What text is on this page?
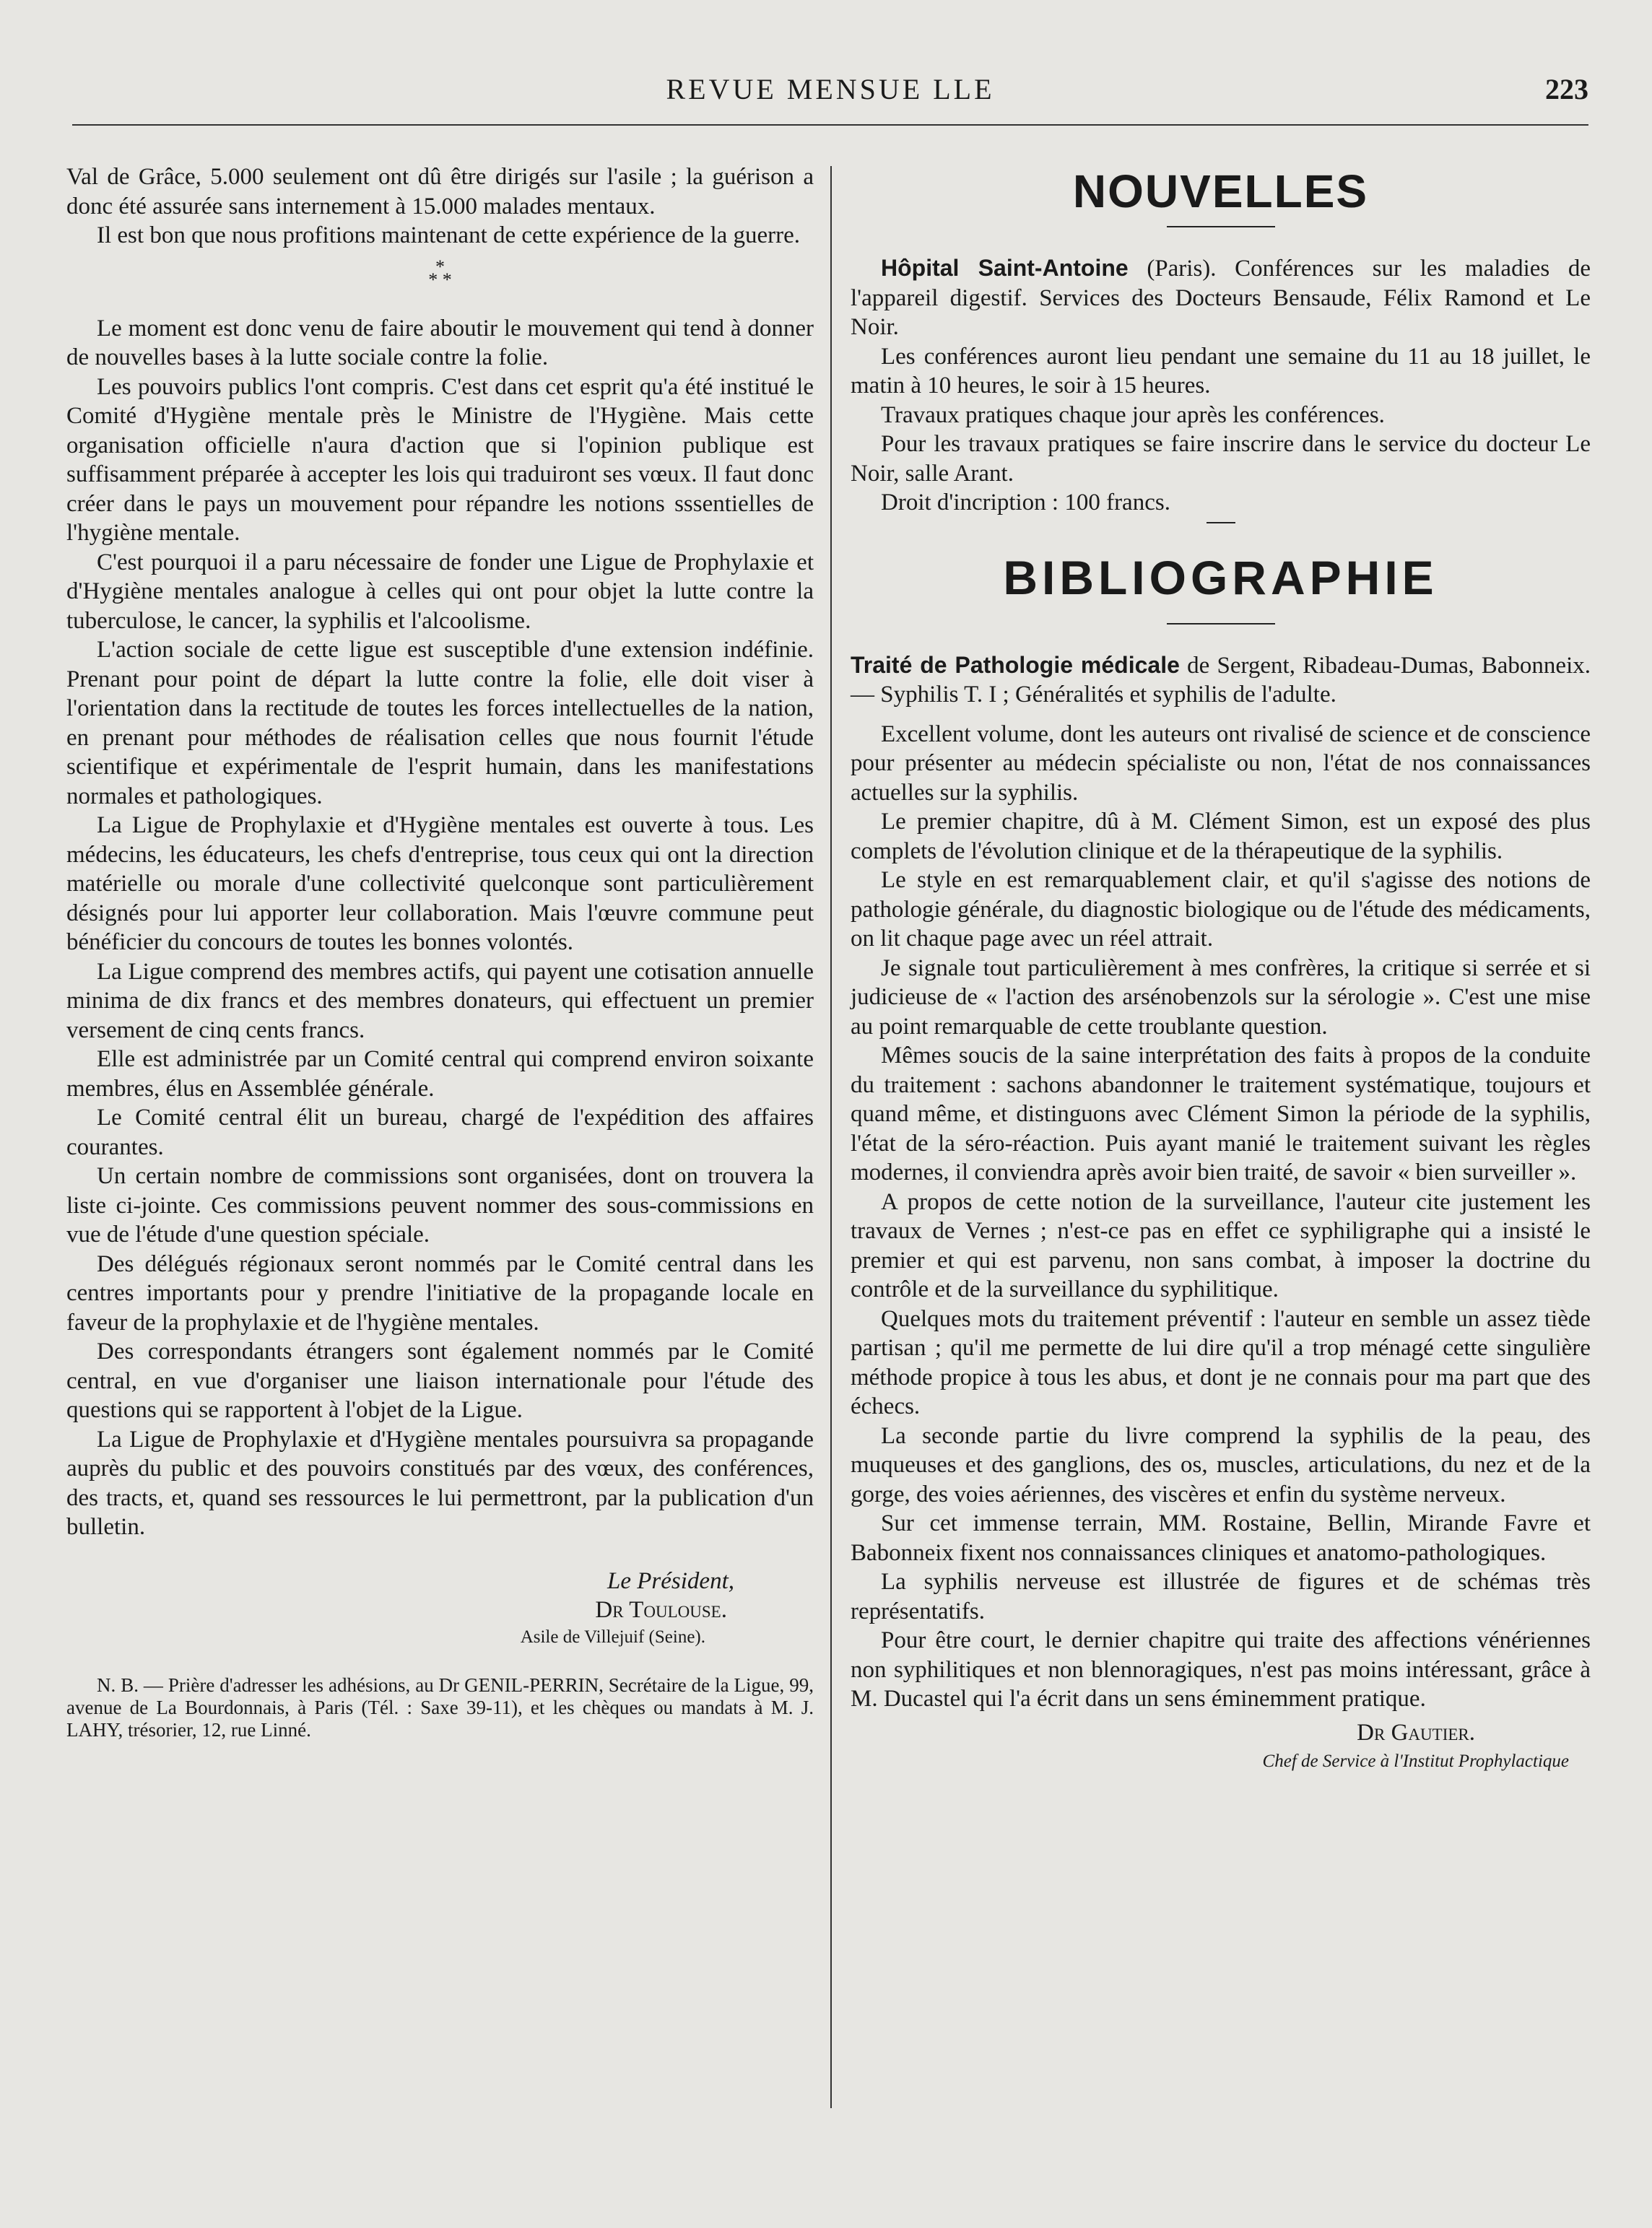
REVUE MENSUE LLE	223

Val de Grâce, 5.000 seulement ont dû être dirigés sur l'asile ; la guérison a donc été assurée sans internement à 15.000 malades mentaux.

Il est bon que nous profitions maintenant de cette expérience de la guerre.

*
* *

Le moment est donc venu de faire aboutir le mouvement qui tend à donner de nouvelles bases à la lutte sociale contre la folie.

Les pouvoirs publics l'ont compris. C'est dans cet esprit qu'a été institué le Comité d'Hygiène mentale près le Ministre de l'Hygiène. Mais cette organisation officielle n'aura d'action que si l'opinion publique est suffisamment préparée à accepter les lois qui traduiront ses vœux. Il faut donc créer dans le pays un mouvement pour répandre les notions sssentielles de l'hygiène mentale.

C'est pourquoi il a paru nécessaire de fonder une Ligue de Prophylaxie et d'Hygiène mentales analogue à celles qui ont pour objet la lutte contre la tuberculose, le cancer, la syphilis et l'alcoolisme.

L'action sociale de cette ligue est susceptible d'une extension indéfinie. Prenant pour point de départ la lutte contre la folie, elle doit viser à l'orientation dans la rectitude de toutes les forces intellectuelles de la nation, en prenant pour méthodes de réalisation celles que nous fournit l'étude scientifique et expérimentale de l'esprit humain, dans les manifestations normales et pathologiques.

La Ligue de Prophylaxie et d'Hygiène mentales est ouverte à tous. Les médecins, les éducateurs, les chefs d'entreprise, tous ceux qui ont la direction matérielle ou morale d'une collectivité quelconque sont particulièrement désignés pour lui apporter leur collaboration. Mais l'œuvre commune peut bénéficier du concours de toutes les bonnes volontés.

La Ligue comprend des membres actifs, qui payent une cotisation annuelle minima de dix francs et des membres donateurs, qui effectuent un premier versement de cinq cents francs.

Elle est administrée par un Comité central qui comprend environ soixante membres, élus en Assemblée générale.

Le Comité central élit un bureau, chargé de l'expédition des affaires courantes.

Un certain nombre de commissions sont organisées, dont on trouvera la liste ci-jointe. Ces commissions peuvent nommer des sous-commissions en vue de l'étude d'une question spéciale.

Des délégués régionaux seront nommés par le Comité central dans les centres importants pour y prendre l'initiative de la propagande locale en faveur de la prophylaxie et de l'hygiène mentales.

Des correspondants étrangers sont également nommés par le Comité central, en vue d'organiser une liaison internationale pour l'étude des questions qui se rapportent à l'objet de la Ligue.

La Ligue de Prophylaxie et d'Hygiène mentales poursuivra sa propagande auprès du public et des pouvoirs constitués par des vœux, des conférences, des tracts, et, quand ses ressources le lui permettront, par la publication d'un bulletin.

Le Président,
Dr Toulouse.
Asile de Villejuif (Seine).

N. B. — Prière d'adresser les adhésions, au Dr GENIL-PERRIN, Secrétaire de la Ligue, 99, avenue de La Bourdonnais, à Paris (Tél. : Saxe 39-11), et les chèques ou mandats à M. J. LAHY, trésorier, 12, rue Linné.

NOUVELLES

Hôpital Saint-Antoine (Paris). Conférences sur les maladies de l'appareil digestif. Services des Docteurs Bensaude, Félix Ramond et Le Noir.

Les conférences auront lieu pendant une semaine du 11 au 18 juillet, le matin à 10 heures, le soir à 15 heures.

Travaux pratiques chaque jour après les conférences.

Pour les travaux pratiques se faire inscrire dans le service du docteur Le Noir, salle Arant.

Droit d'incription : 100 francs.

BIBLIOGRAPHIE

Traité de Pathologie médicale de Sergent, Ribadeau-Dumas, Babonneix. — Syphilis T. I ; Généralités et syphilis de l'adulte.

Excellent volume, dont les auteurs ont rivalisé de science et de conscience pour présenter au médecin spécialiste ou non, l'état de nos connaissances actuelles sur la syphilis.

Le premier chapitre, dû à M. Clément Simon, est un exposé des plus complets de l'évolution clinique et de la thérapeutique de la syphilis.

Le style en est remarquablement clair, et qu'il s'agisse des notions de pathologie générale, du diagnostic biologique ou de l'étude des médicaments, on lit chaque page avec un réel attrait.

Je signale tout particulièrement à mes confrères, la critique si serrée et si judicieuse de « l'action des arsénobenzols sur la sérologie ». C'est une mise au point remarquable de cette troublante question.

Mêmes soucis de la saine interprétation des faits à propos de la conduite du traitement : sachons abandonner le traitement systématique, toujours et quand même, et distinguons avec Clément Simon la période de la syphilis, l'état de la séro-réaction. Puis ayant manié le traitement suivant les règles modernes, il conviendra après avoir bien traité, de savoir « bien surveiller ».

A propos de cette notion de la surveillance, l'auteur cite justement les travaux de Vernes ; n'est-ce pas en effet ce syphiligraphe qui a insisté le premier et qui est parvenu, non sans combat, à imposer la doctrine du contrôle et de la surveillance du syphilitique.

Quelques mots du traitement préventif : l'auteur en semble un assez tiède partisan ; qu'il me permette de lui dire qu'il a trop ménagé cette singulière méthode propice à tous les abus, et dont je ne connais pour ma part que des échecs.

La seconde partie du livre comprend la syphilis de la peau, des muqueuses et des ganglions, des os, muscles, articulations, du nez et de la gorge, des voies aériennes, des viscères et enfin du système nerveux.

Sur cet immense terrain, MM. Rostaine, Bellin, Mirande Favre et Babonneix fixent nos connaissances cliniques et anatomo-pathologiques.

La syphilis nerveuse est illustrée de figures et de schémas très représentatifs.

Pour être court, le dernier chapitre qui traite des affections vénériennes non syphilitiques et non blennoragiques, n'est pas moins intéressant, grâce à M. Ducastel qui l'a écrit dans un sens éminemment pratique.

Dr Gautier.
Chef de Service à l'Institut Prophylactique
